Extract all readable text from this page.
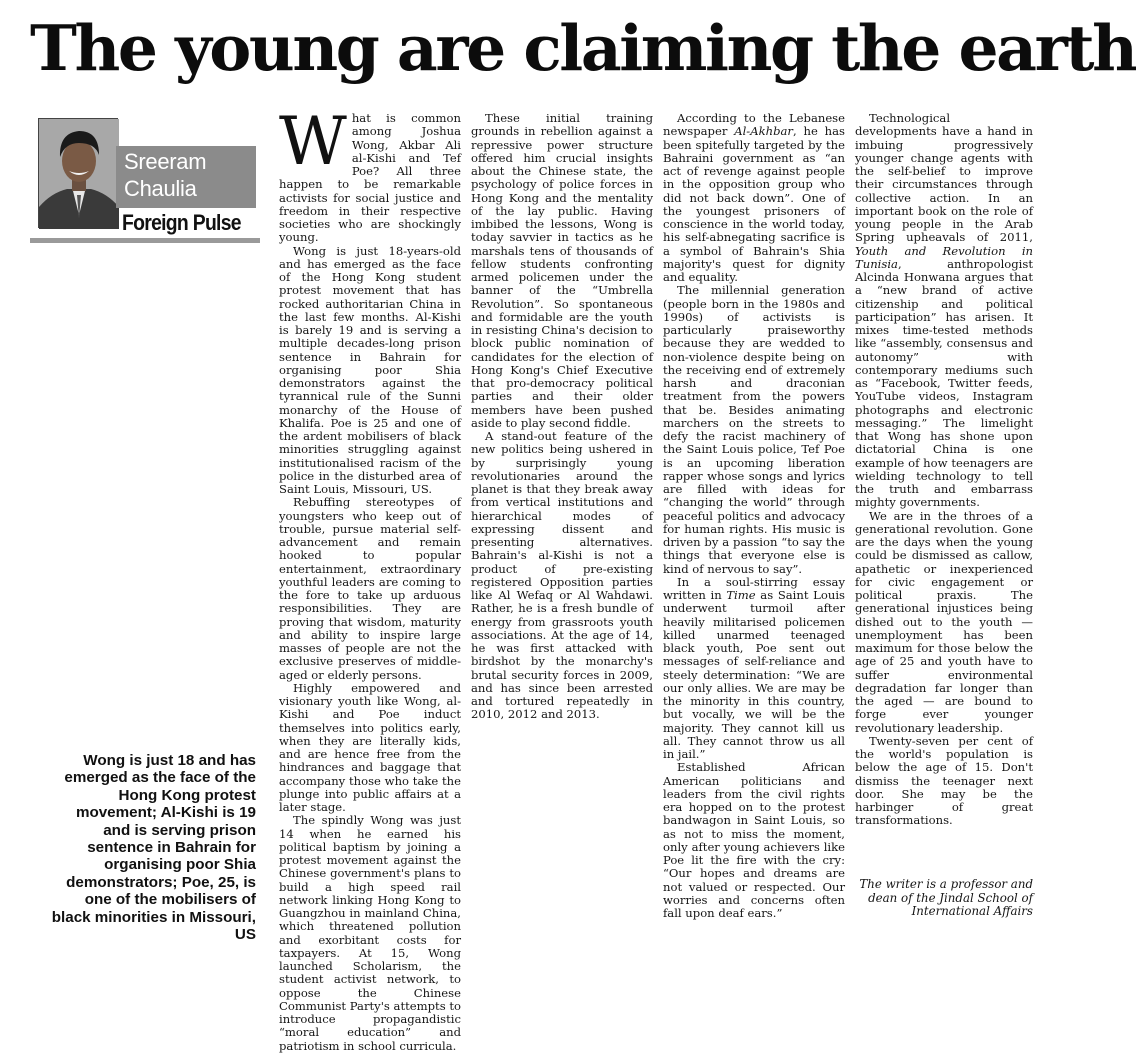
The young are claiming the earth
Sreeram
Chaulia
Foreign Pulse
Wong is just 18 and has emerged as the face of the Hong Kong protest movement; Al-Kishi is 19 and is serving prison sentence in Bahrain for organising poor Shia demonstrators; Poe, 25, is one of the mobilisers of black minorities in Missouri, US

What is common among Joshua Wong, Akbar Ali al-Kishi and Tef Poe? All three happen to be remarkable activists for social justice and freedom in their respective societies who are shockingly young.

Wong is just 18-years-old and has emerged as the face of the Hong Kong student protest movement that has rocked authoritarian China in the last few months. Al-Kishi is barely 19 and is serving a multiple decades-long prison sentence in Bahrain for organising poor Shia demonstrators against the tyrannical rule of the Sunni monarchy of the House of Khalifa. Poe is 25 and one of the ardent mobilisers of black minorities struggling against institutionalised racism of the police in the disturbed area of Saint Louis, Missouri, US.

Rebuffing stereotypes of youngsters who keep out of trouble, pursue material self-advancement and remain hooked to popular entertainment, extraordinary youthful leaders are coming to the fore to take up arduous responsibilities. They are proving that wisdom, maturity and ability to inspire large masses of people are not the exclusive preserves of middle-aged or elderly persons.

Highly empowered and visionary youth like Wong, al-Kishi and Poe induct themselves into politics early, when they are literally kids, and are hence free from the hindrances and baggage that accompany those who take the plunge into public affairs at a later stage.

The spindly Wong was just 14 when he earned his political baptism by joining a protest movement against the Chinese government's plans to build a high speed rail network linking Hong Kong to Guangzhou in mainland China, which threatened pollution and exorbitant costs for taxpayers. At 15, Wong launched Scholarism, the student activist network, to oppose the Chinese Communist Party's attempts to introduce propagandistic “moral education” and patriotism in school curricula.

These initial training grounds in rebellion against a repressive power structure offered him crucial insights about the Chinese state, the psychology of police forces in Hong Kong and the mentality of the lay public. Having imbibed the lessons, Wong is today savvier in tactics as he marshals tens of thousands of fellow students confronting armed policemen under the banner of the “Umbrella Revolution”. So spontaneous and formidable are the youth in resisting China's decision to block public nomination of candidates for the election of Hong Kong's Chief Executive that pro-democracy political parties and their older members have been pushed aside to play second fiddle.

A stand-out feature of the new politics being ushered in by surprisingly young revolutionaries around the planet is that they break away from vertical institutions and hierarchical modes of expressing dissent and presenting alternatives. Bahrain's al-Kishi is not a product of pre-existing registered Opposition parties like Al Wefaq or Al Wahdawi. Rather, he is a fresh bundle of energy from grassroots youth associations. At the age of 14, he was first attacked with birdshot by the monarchy's brutal security forces in 2009, and has since been arrested and tortured repeatedly in 2010, 2012 and 2013.

According to the Lebanese newspaper Al-Akhbar, he has been spitefully targeted by the Bahraini government as “an act of revenge against people in the opposition group who did not back down”. One of the youngest prisoners of conscience in the world today, his self-abnegating sacrifice is a symbol of Bahrain's Shia majority's quest for dignity and equality.

The millennial generation (people born in the 1980s and 1990s) of activists is particularly praiseworthy because they are wedded to non-violence despite being on the receiving end of extremely harsh and draconian treatment from the powers that be. Besides animating marchers on the streets to defy the racist machinery of the Saint Louis police, Tef Poe is an upcoming liberation rapper whose songs and lyrics are filled with ideas for “changing the world” through peaceful politics and advocacy for human rights. His music is driven by a passion “to say the things that everyone else is kind of nervous to say”.

In a soul-stirring essay written in Time as Saint Louis underwent turmoil after heavily militarised policemen killed unarmed teenaged black youth, Poe sent out messages of self-reliance and steely determination: “We are our only allies. We are may be the minority in this country, but vocally, we will be the majority. They cannot kill us all. They cannot throw us all in jail.”

Established African American politicians and leaders from the civil rights era hopped on to the protest bandwagon in Saint Louis, so as not to miss the moment, only after young achievers like Poe lit the fire with the cry: “Our hopes and dreams are not valued or respected. Our worries and concerns often fall upon deaf ears.”

Technological developments have a hand in imbuing progressively younger change agents with the self-belief to improve their circumstances through collective action. In an important book on the role of young people in the Arab Spring upheavals of 2011, Youth and Revolution in Tunisia, anthropologist Alcinda Honwana argues that a “new brand of active citizenship and political participation” has arisen. It mixes time-tested methods like “assembly, consensus and autonomy” with contemporary mediums such as “Facebook, Twitter feeds, YouTube videos, Instagram photographs and electronic messaging.” The limelight that Wong has shone upon dictatorial China is one example of how teenagers are wielding technology to tell the truth and embarrass mighty governments.

We are in the throes of a generational revolution. Gone are the days when the young could be dismissed as callow, apathetic or inexperienced for civic engagement or political praxis. The generational injustices being dished out to the youth — unemployment has been maximum for those below the age of 25 and youth have to suffer environmental degradation far longer than the aged — are bound to forge ever younger revolutionary leadership.

Twenty-seven per cent of the world's population is below the age of 15. Don't dismiss the teenager next door. She may be the harbinger of great transformations.

The writer is a professor and dean of the Jindal School of International Affairs
